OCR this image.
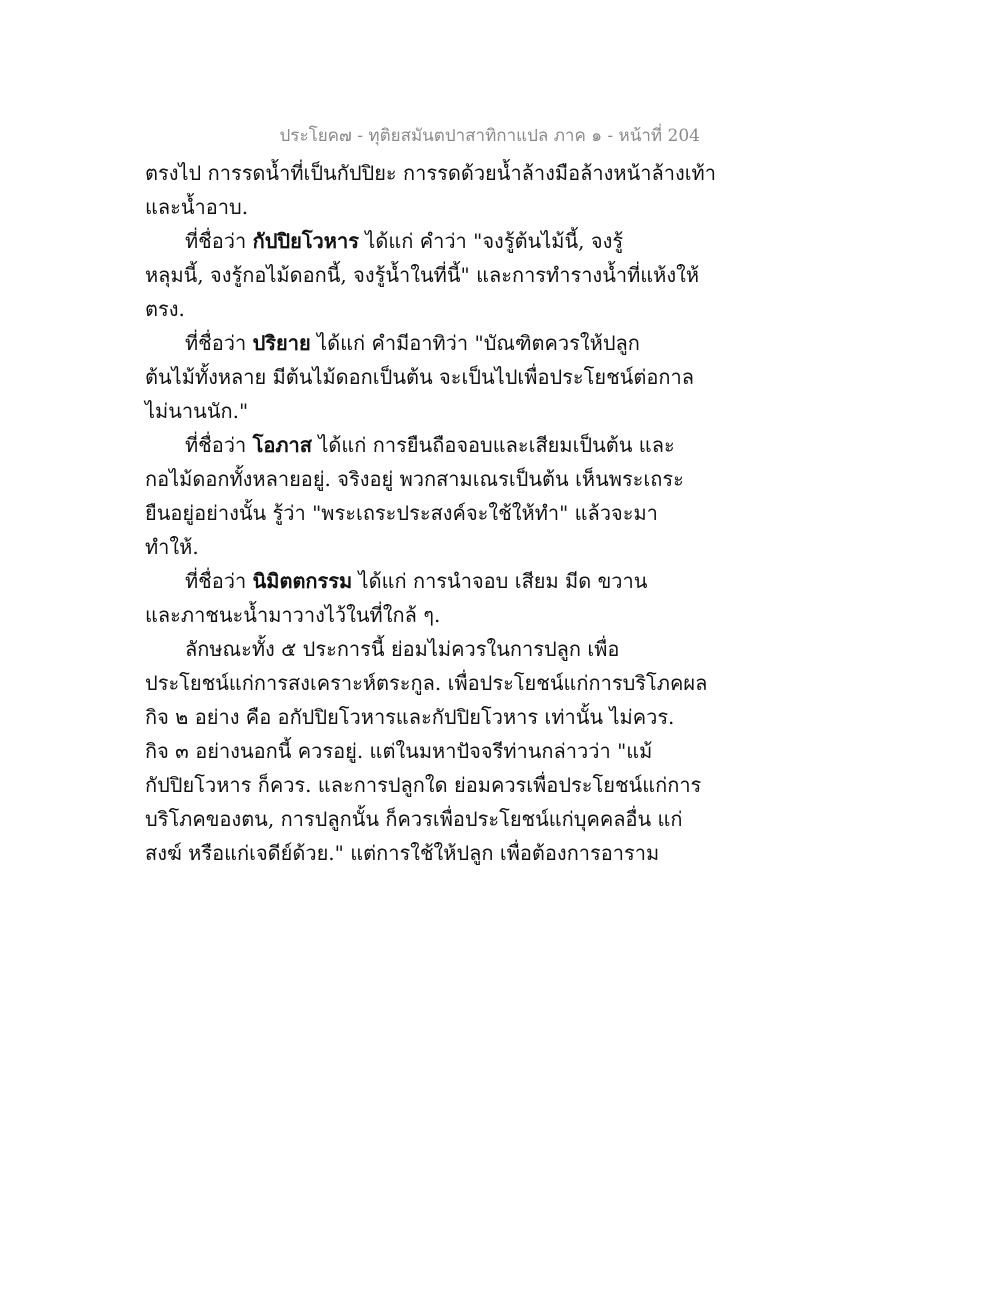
ประโยค๗ - ทุติยสมันตปาสาทิกาแปล ภาค ๑ - หน้าที่ 204
ตรงไป การรดน้ำที่เป็นกัปปิยะ การรดด้วยน้ำล้างมือล้างหน้าล้างเท้า
และน้ำอาบ.
ที่ชื่อว่า กัปปิยโวหาร ได้แก่ คำว่า "จงรู้ต้นไม้นี้, จงรู้
หลุมนี้, จงรู้กอไม้ดอกนี้, จงรู้น้ำในที่นี้" และการทำรางน้ำที่แห้งให้
ตรง.
ที่ชื่อว่า ปริยาย ได้แก่ คำมีอาทิว่า "บัณฑิตควรให้ปลูก
ต้นไม้ทั้งหลาย มีต้นไม้ดอกเป็นต้น จะเป็นไปเพื่อประโยชน์ต่อกาล
ไม่นานนัก."
ที่ชื่อว่า โอภาส ได้แก่ การยืนถือจอบและเสียมเป็นต้น และ
กอไม้ดอกทั้งหลายอยู่. จริงอยู่ พวกสามเณรเป็นต้น เห็นพระเถระ
ยืนอยู่อย่างนั้น รู้ว่า "พระเถระประสงค์จะใช้ให้ทำ" แล้วจะมา
ทำให้.
ที่ชื่อว่า นิมิตตกรรม ได้แก่ การนำจอบ เสียม มีด ขวาน
และภาชนะน้ำมาวางไว้ในที่ใกล้ ๆ.
ลักษณะทั้ง ๕ ประการนี้ ย่อมไม่ควรในการปลูก เพื่อ
ประโยชน์แก่การสงเคราะห์ตระกูล. เพื่อประโยชน์แก่การบริโภคผล
กิจ ๒ อย่าง คือ อกัปปิยโวหารและกัปปิยโวหาร เท่านั้น ไม่ควร.
กิจ ๓ อย่างนอกนี้ ควรอยู่. แต่ในมหาปัจจรีท่านกล่าวว่า "แม้
กัปปิยโวหาร ก็ควร. และการปลูกใด ย่อมควรเพื่อประโยชน์แก่การ
บริโภคของตน, การปลูกนั้น ก็ควรเพื่อประโยชน์แก่บุคคลอื่น แก่
สงฆ์ หรือแก่เจดีย์ด้วย." แต่การใช้ให้ปลูก เพื่อต้องการอาราม
